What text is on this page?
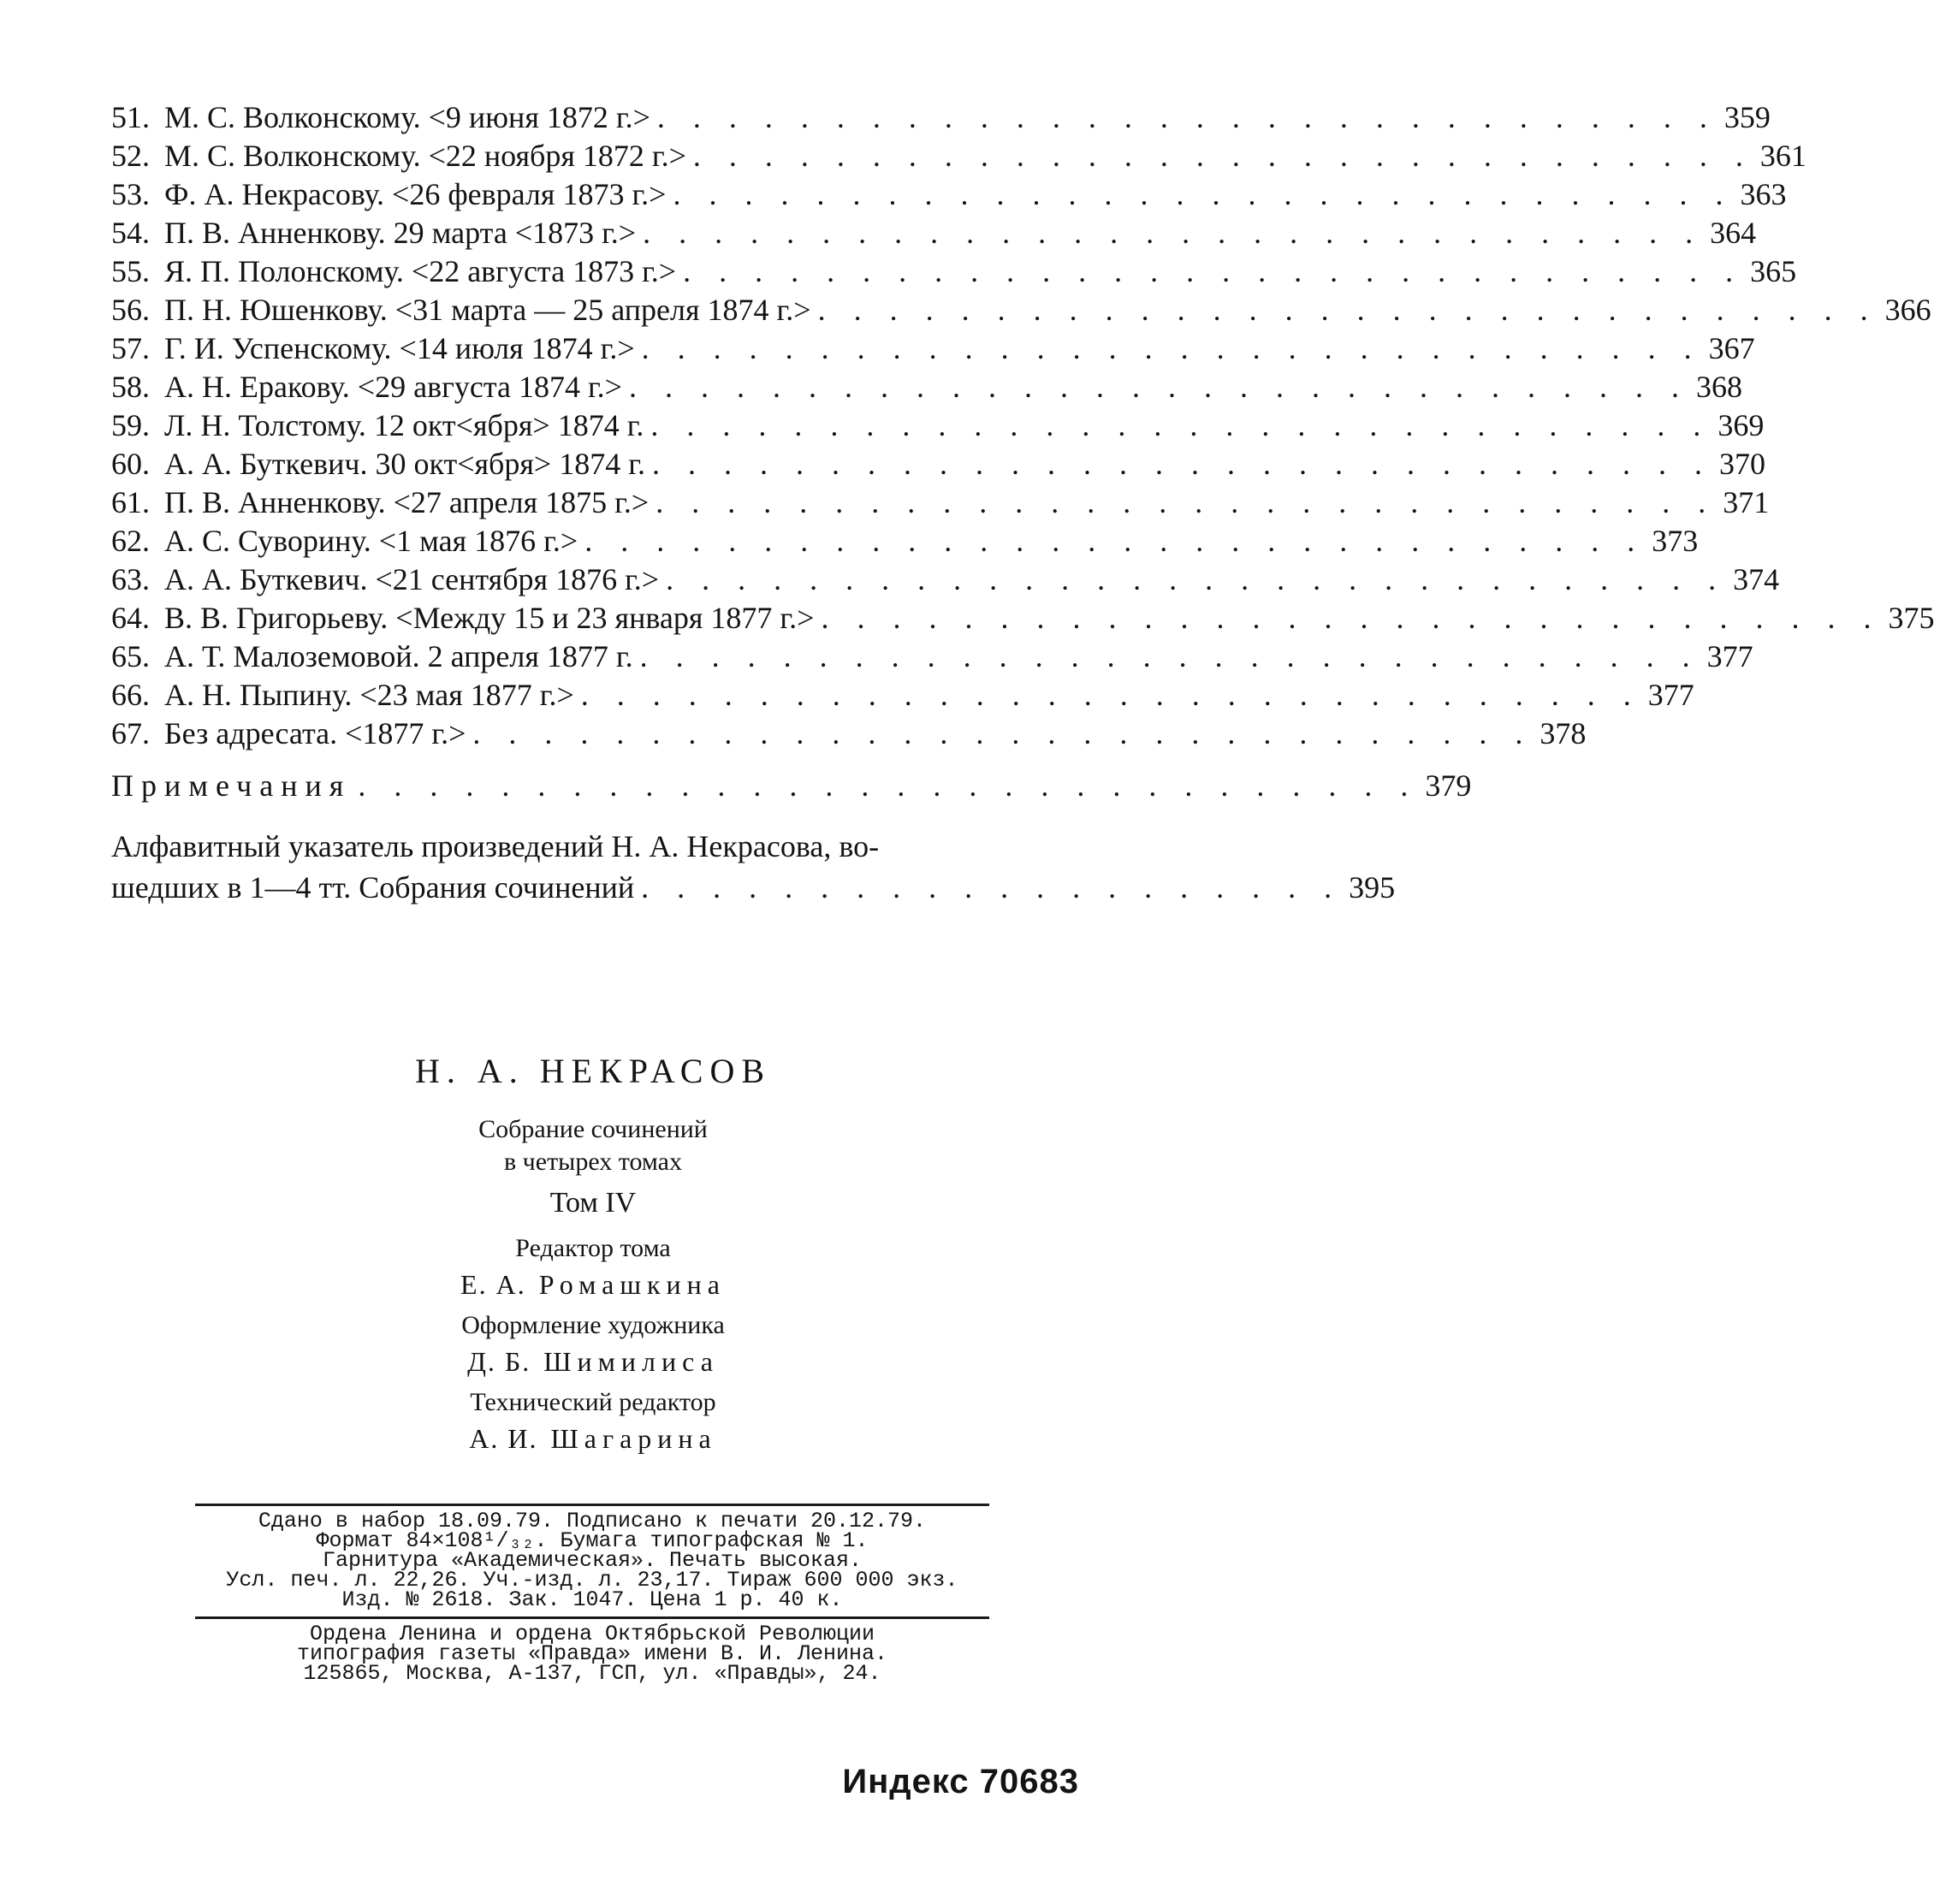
51. М. С. Волконскому. <9 июня 1872 г.> . . . . . . . . . . . . . . . . . . . . . . . . . . . . . . 359
52. М. С. Волконскому. <22 ноября 1872 г.> . . . . . . . . . . . . . . . . . . . . . . . . . . . . . . 361
53. Ф. А. Некрасову. <26 февраля 1873 г.> . . . . . . . . . . . . . . . . . . . . . . . . . . . . . . 363
54. П. В. Анненкову. 29 марта <1873 г.> . . . . . . . . . . . . . . . . . . . . . . . . . . . . . . 364
55. Я. П. Полонскому. <22 августа 1873 г.> . . . . . . . . . . . . . . . . . . . . . . . . . . . . . . 365
56. П. Н. Юшенкову. <31 марта — 25 апреля 1874 г.> . . . . . . . . . . . . . . . . . . . . . . . . . . . . . . 366
57. Г. И. Успенскому. <14 июля 1874 г.> . . . . . . . . . . . . . . . . . . . . . . . . . . . . . . 367
58. А. Н. Еракову. <29 августа 1874 г.> . . . . . . . . . . . . . . . . . . . . . . . . . . . . . . 368
59. Л. Н. Толстому. 12 окт<ября> 1874 г. . . . . . . . . . . . . . . . . . . . . . . . . . . . . . . 369
60. А. А. Буткевич. 30 окт<ября> 1874 г. . . . . . . . . . . . . . . . . . . . . . . . . . . . . . . 370
61. П. В. Анненкову. <27 апреля 1875 г.> . . . . . . . . . . . . . . . . . . . . . . . . . . . . . . 371
62. А. С. Суворину. <1 мая 1876 г.> . . . . . . . . . . . . . . . . . . . . . . . . . . . . . . 373
63. А. А. Буткевич. <21 сентября 1876 г.> . . . . . . . . . . . . . . . . . . . . . . . . . . . . . . 374
64. В. В. Григорьеву. <Между 15 и 23 января 1877 г.> . . . . . . . . . . . . . . . . . . . . . . . . . . . . . . 375
65. А. Т. Малоземовой. 2 апреля 1877 г. . . . . . . . . . . . . . . . . . . . . . . . . . . . . . . 377
66. А. Н. Пыпину. <23 мая 1877 г.> . . . . . . . . . . . . . . . . . . . . . . . . . . . . . . 377
67. Без адресата. <1877 г.> . . . . . . . . . . . . . . . . . . . . . . . . . . . . . . 378
Примечания . . . . . . . . . . . . . . . . . . . . . . . . . . . . . . 379
Алфавитный указатель произведений Н. А. Некрасова, во-
шедших в 1—4 тт. Собрания сочинений . . . . . . . . . . . . . . . . . . . . 395
Н. А. НЕКРАСОВ
Собрание сочинений
в четырех томах
Том IV
Редактор тома
Е. А. Ромашкина
Оформление художника
Д. Б. Шимилиса
Технический редактор
А. И. Шагарина
Сдано в набор 18.09.79. Подписано к печати 20.12.79.
Формат 84×108¹/₃₂. Бумага типографская № 1.
Гарнитура «Академическая». Печать высокая.
Усл. печ. л. 22,26. Уч.-изд. л. 23,17. Тираж 600 000 экз.
Изд. № 2618. Зак. 1047. Цена 1 р. 40 к.
Ордена Ленина и ордена Октябрьской Революции
типография газеты «Правда» имени В. И. Ленина.
125865, Москва, А-137, ГСП, ул. «Правды», 24.
Индекс 70683
